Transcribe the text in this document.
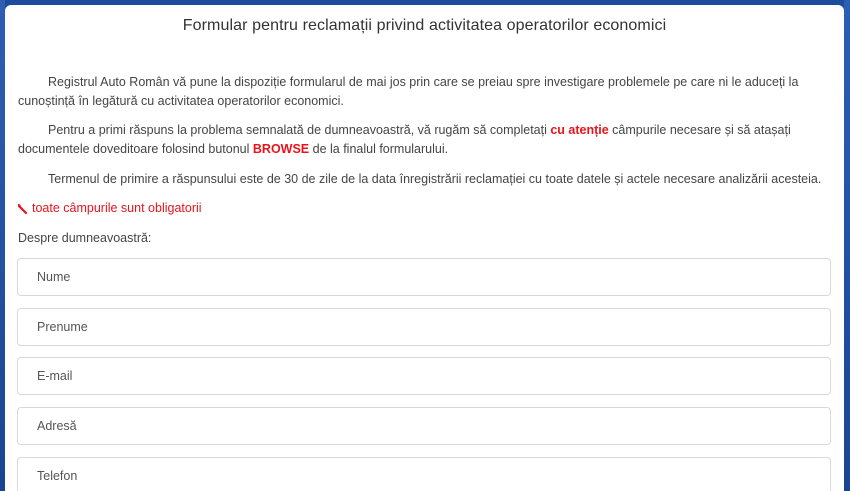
Formular pentru reclamații privind activitatea operatorilor economici

Registrul Auto Român vă pune la dispoziție formularul de mai jos prin care se preiau spre investigare problemele pe care ni le aduceți la cunoștință în legătură cu activitatea operatorilor economici.

Pentru a primi răspuns la problema semnalată de dumneavoastră, vă rugăm să completați cu atenție câmpurile necesare și să atașați documentele doveditoare folosind butonul BROWSE de la finalul formularului.

Termenul de primire a răspunsului este de 30 de zile de la data înregistrării reclamației cu toate datele și actele necesare analizării acesteia.

toate câmpurile sunt obligatorii
Despre dumneavoastră:
Nume
Prenume
E-mail
Adresă
Telefon
